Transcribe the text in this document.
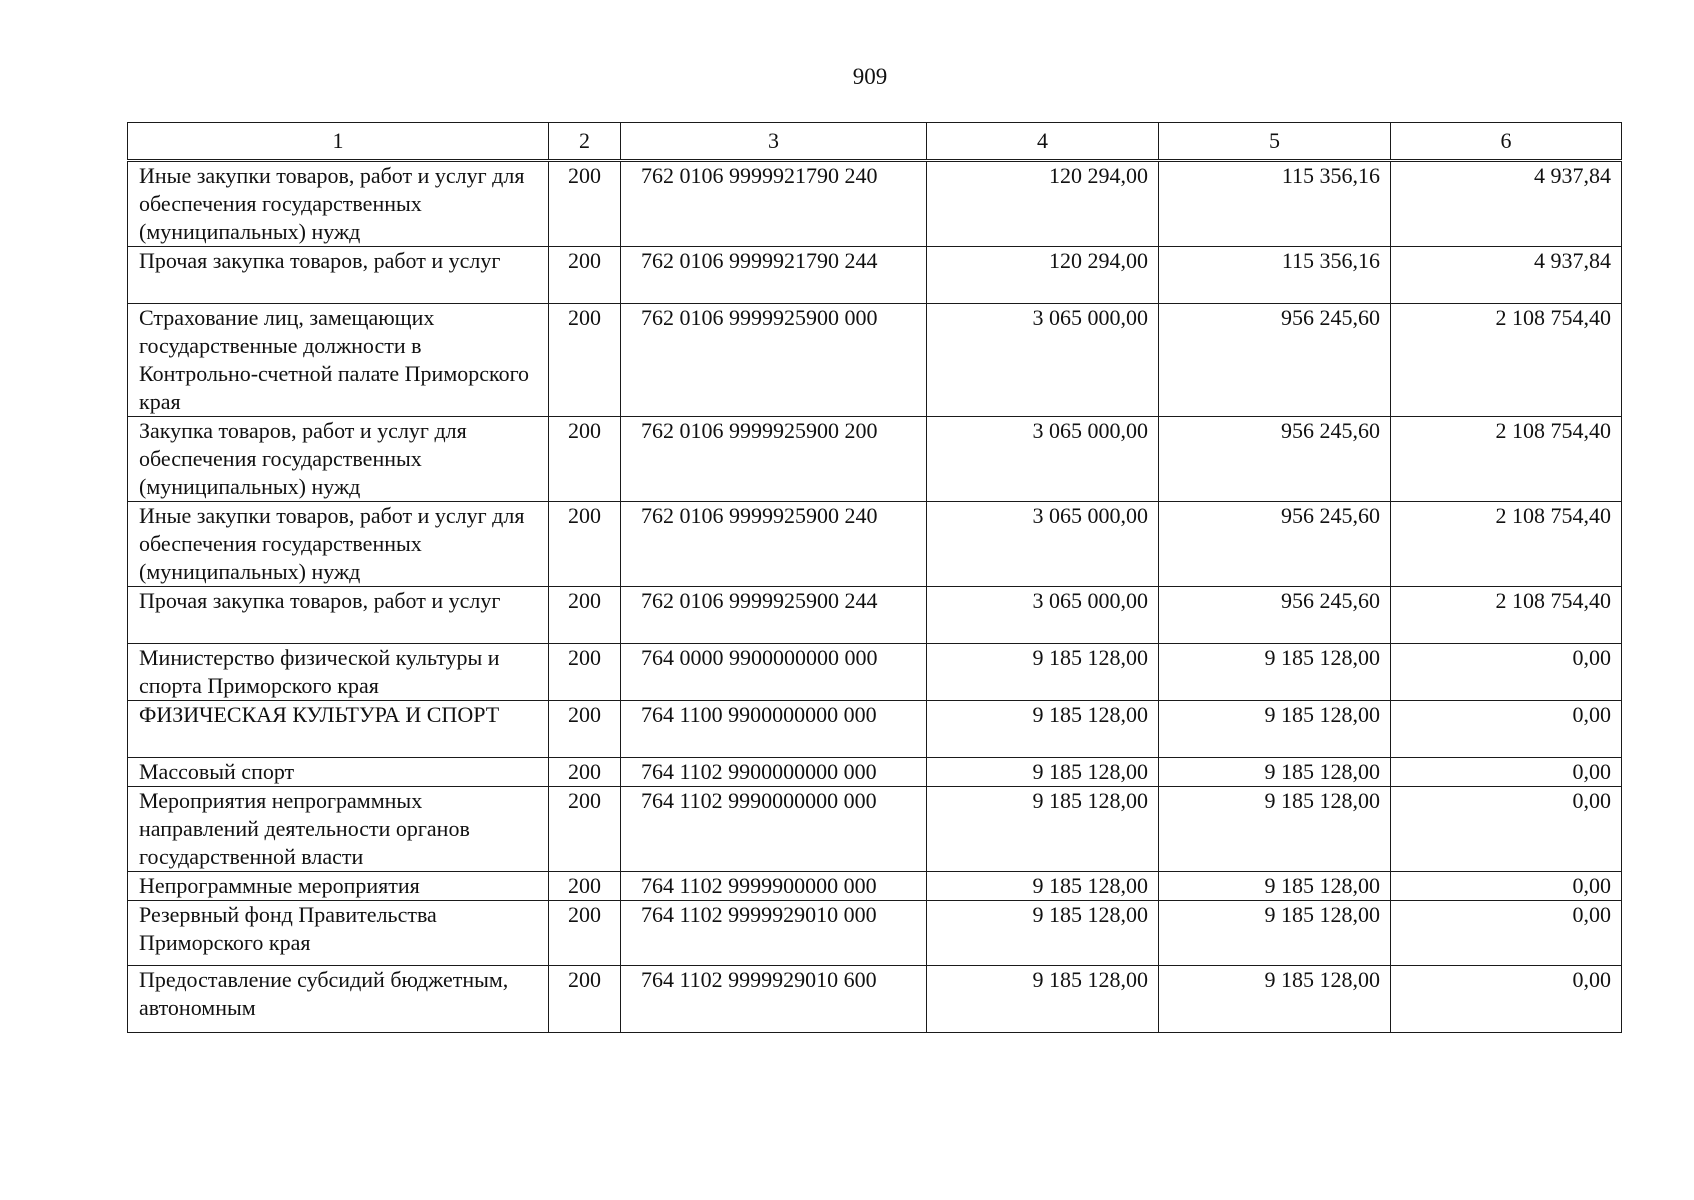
909
1	2	3	4	5	6
Иные закупки товаров, работ и услуг для обеспечения государственных (муниципальных) нужд	200	762 0106 9999921790 240	120 294,00	115 356,16	4 937,84
Прочая закупка товаров, работ и услуг	200	762 0106 9999921790 244	120 294,00	115 356,16	4 937,84
Страхование лиц, замещающих государственные должности в Контрольно-счетной палате Приморского края	200	762 0106 9999925900 000	3 065 000,00	956 245,60	2 108 754,40
Закупка товаров, работ и услуг для обеспечения государственных (муниципальных) нужд	200	762 0106 9999925900 200	3 065 000,00	956 245,60	2 108 754,40
Иные закупки товаров, работ и услуг для обеспечения государственных (муниципальных) нужд	200	762 0106 9999925900 240	3 065 000,00	956 245,60	2 108 754,40
Прочая закупка товаров, работ и услуг	200	762 0106 9999925900 244	3 065 000,00	956 245,60	2 108 754,40
Министерство физической культуры и спорта Приморского края	200	764 0000 9900000000 000	9 185 128,00	9 185 128,00	0,00
ФИЗИЧЕСКАЯ КУЛЬТУРА И СПОРТ	200	764 1100 9900000000 000	9 185 128,00	9 185 128,00	0,00
Массовый спорт	200	764 1102 9900000000 000	9 185 128,00	9 185 128,00	0,00
Мероприятия непрограммных направлений деятельности органов государственной власти	200	764 1102 9990000000 000	9 185 128,00	9 185 128,00	0,00
Непрограммные мероприятия	200	764 1102 9999900000 000	9 185 128,00	9 185 128,00	0,00
Резервный фонд Правительства Приморского края	200	764 1102 9999929010 000	9 185 128,00	9 185 128,00	0,00
Предоставление субсидий бюджетным, автономным	200	764 1102 9999929010 600	9 185 128,00	9 185 128,00	0,00
